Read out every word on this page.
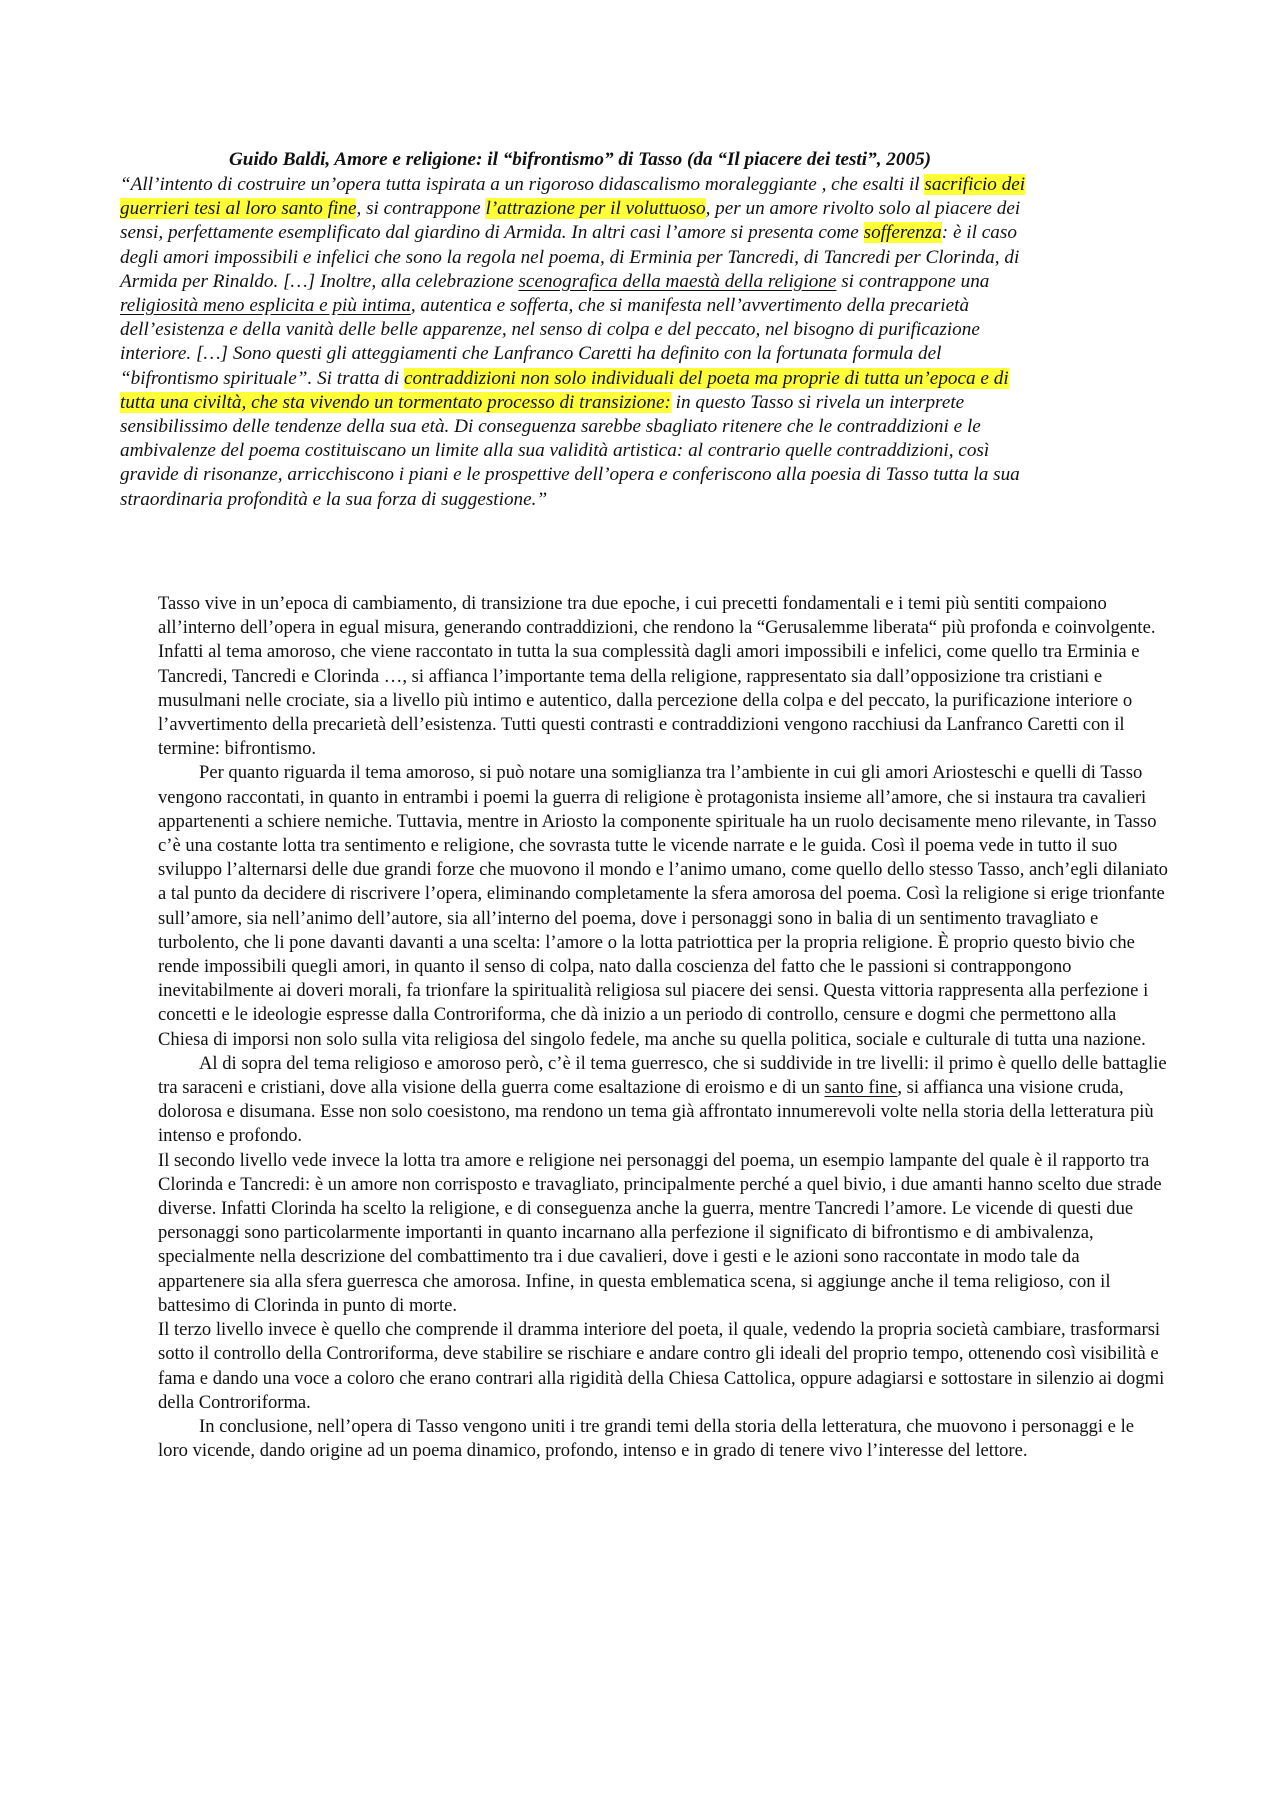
Guido Baldi, Amore e religione: il “bifrontismo” di Tasso (da “Il piacere dei testi”, 2005)

“All’intento di costruire un’opera tutta ispirata a un rigoroso didascalismo moraleggiante , che esalti il sacrificio dei guerrieri tesi al loro santo fine, si contrappone l’attrazione per il voluttuoso, per un amore rivolto solo al piacere dei sensi, perfettamente esemplificato dal giardino di Armida. In altri casi l’amore si presenta come sofferenza: è il caso degli amori impossibili e infelici che sono la regola nel poema, di Erminia per Tancredi, di Tancredi per Clorinda, di Armida per Rinaldo. […] Inoltre, alla celebrazione scenografica della maestà della religione si contrappone una religiosità meno esplicita e più intima, autentica e sofferta, che si manifesta nell’avvertimento della precarietà dell’esistenza e della vanità delle belle apparenze, nel senso di colpa e del peccato, nel bisogno di purificazione interiore. […] Sono questi gli atteggiamenti che Lanfranco Caretti ha definito con la fortunata formula del “bifrontismo spirituale”. Si tratta di contraddizioni non solo individuali del poeta ma proprie di tutta un’epoca e di tutta una civiltà, che sta vivendo un tormentato processo di transizione: in questo Tasso si rivela un interprete sensibilissimo delle tendenze della sua età. Di conseguenza sarebbe sbagliato ritenere che le contraddizioni e le ambivalenze del poema costituiscano un limite alla sua validità artistica: al contrario quelle contraddizioni, così gravide di risonanze, arricchiscono i piani e le prospettive dell’opera e conferiscono alla poesia di Tasso tutta la sua straordinaria profondità e la sua forza di suggestione.”

Tasso vive in un’epoca di cambiamento, di transizione tra due epoche, i cui precetti fondamentali e i temi più sentiti compaiono all’interno dell’opera in egual misura, generando contraddizioni, che rendono la “Gerusalemme liberata“ più profonda e coinvolgente. Infatti al tema amoroso, che viene raccontato in tutta la sua complessità dagli amori impossibili e infelici, come quello tra Erminia e Tancredi, Tancredi e Clorinda …, si affianca l’importante tema della religione, rappresentato sia dall’opposizione tra cristiani e musulmani nelle crociate, sia a livello più intimo e autentico, dalla percezione della colpa e del peccato, la purificazione interiore o l’avvertimento della precarietà dell’esistenza. Tutti questi contrasti e contraddizioni vengono racchiusi da Lanfranco Caretti con il termine: bifrontismo.

Per quanto riguarda il tema amoroso, si può notare una somiglianza tra l’ambiente in cui gli amori Ariosteschi e quelli di Tasso vengono raccontati, in quanto in entrambi i poemi la guerra di religione è protagonista insieme all’amore, che si instaura tra cavalieri appartenenti a schiere nemiche. Tuttavia, mentre in Ariosto la componente spirituale ha un ruolo decisamente meno rilevante, in Tasso c’è una costante lotta tra sentimento e religione, che sovrasta tutte le vicende narrate e le guida. Così il poema vede in tutto il suo sviluppo l’alternarsi delle due grandi forze che muovono il mondo e l’animo umano, come quello dello stesso Tasso, anch’egli dilaniato a tal punto da decidere di riscrivere l’opera, eliminando completamente la sfera amorosa del poema. Così la religione si erige trionfante sull’amore, sia nell’animo dell’autore, sia all’interno del poema, dove i personaggi sono in balia di un sentimento travagliato e turbolento, che li pone davanti davanti a una scelta: l’amore o la lotta patriottica per la propria religione. È proprio questo bivio che rende impossibili quegli amori, in quanto il senso di colpa, nato dalla coscienza del fatto che le passioni si contrappongono inevitabilmente ai doveri morali, fa trionfare la spiritualità religiosa sul piacere dei sensi. Questa vittoria rappresenta alla perfezione i concetti e le ideologie espresse dalla Controriforma, che dà inizio a un periodo di controllo, censure e dogmi che permettono alla Chiesa di imporsi non solo sulla vita religiosa del singolo fedele, ma anche su quella politica, sociale e culturale di tutta una nazione.

Al di sopra del tema religioso e amoroso però, c’è il tema guerresco, che si suddivide in tre livelli: il primo è quello delle battaglie tra saraceni e cristiani, dove alla visione della guerra come esaltazione di eroismo e di un santo fine, si affianca una visione cruda, dolorosa e disumana. Esse non solo coesistono, ma rendono un tema già affrontato innumerevoli volte nella storia della letteratura più intenso e profondo.

Il secondo livello vede invece la lotta tra amore e religione nei personaggi del poema, un esempio lampante del quale è il rapporto tra Clorinda e Tancredi: è un amore non corrisposto e travagliato, principalmente perché a quel bivio, i due amanti hanno scelto due strade diverse. Infatti Clorinda ha scelto la religione, e di conseguenza anche la guerra, mentre Tancredi l’amore. Le vicende di questi due personaggi sono particolarmente importanti in quanto incarnano alla perfezione il significato di bifrontismo e di ambivalenza, specialmente nella descrizione del combattimento tra i due cavalieri, dove i gesti e le azioni sono raccontate in modo tale da appartenere sia alla sfera guerresca che amorosa. Infine, in questa emblematica scena, si aggiunge anche il tema religioso, con il battesimo di Clorinda in punto di morte.

Il terzo livello invece è quello che comprende il dramma interiore del poeta, il quale, vedendo la propria società cambiare, trasformarsi sotto il controllo della Controriforma, deve stabilire se rischiare e andare contro gli ideali del proprio tempo, ottenendo così visibilità e fama e dando una voce a coloro che erano contrari alla rigidità della Chiesa Cattolica, oppure adagiarsi e sottostare in silenzio ai dogmi della Controriforma.

In conclusione, nell’opera di Tasso vengono uniti i tre grandi temi della storia della letteratura, che muovono i personaggi e le loro vicende, dando origine ad un poema dinamico, profondo, intenso e in grado di tenere vivo l’interesse del lettore.
